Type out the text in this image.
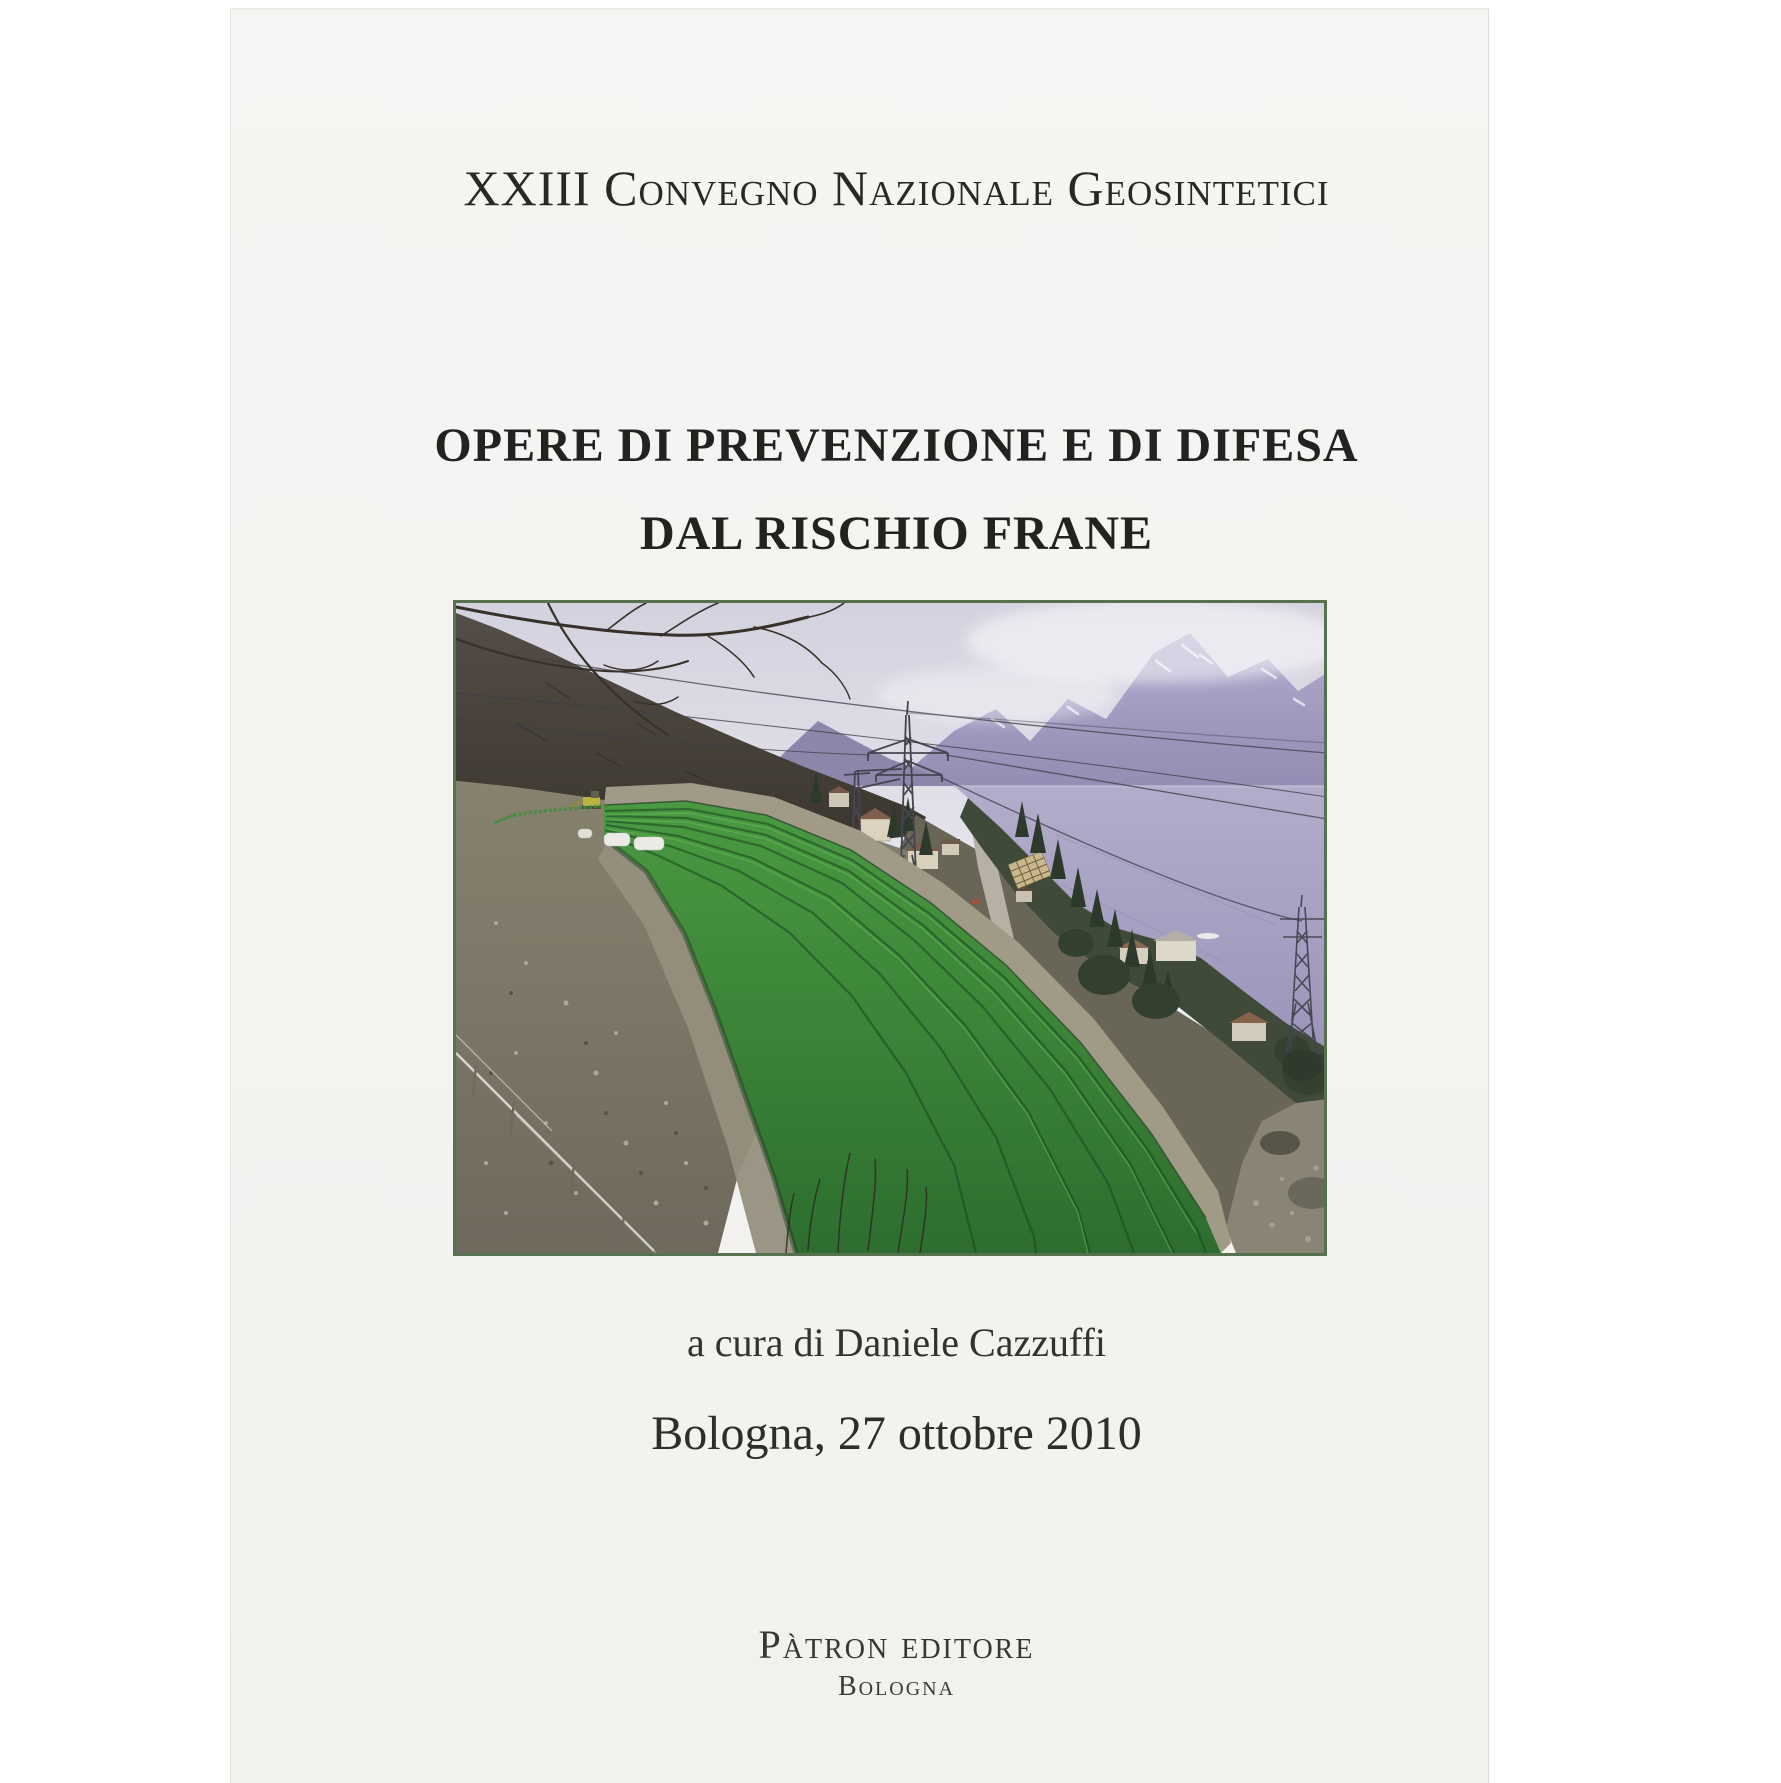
XXIII Convegno Nazionale Geosintetici
OPERE DI PREVENZIONE E DI DIFESA
DAL RISCHIO FRANE
a cura di Daniele Cazzuffi
Bologna, 27 ottobre 2010
Pàtron editore
Bologna
